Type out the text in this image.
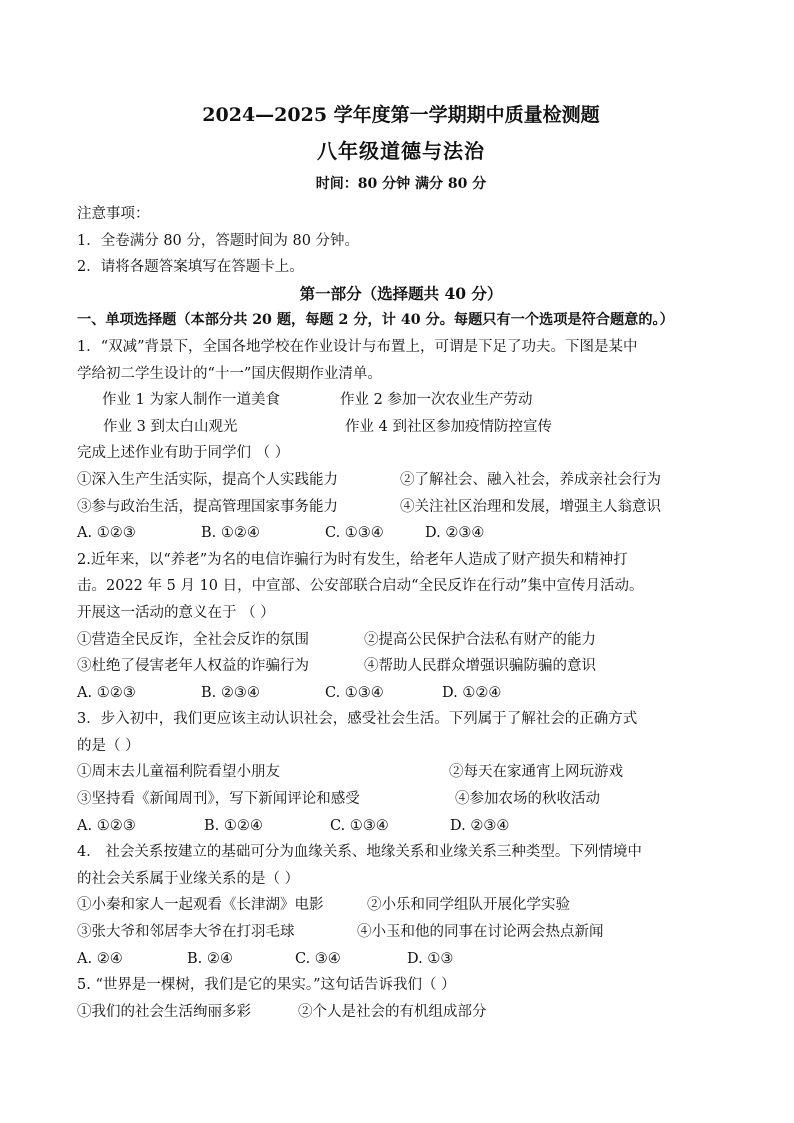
2024—2025 学年度第一学期期中质量检测题
八年级道德与法治
时间：80 分钟 满分 80 分
注意事项：
1．全卷满分 80 分，答题时间为 80 分钟。
2．请将各题答案填写在答题卡上。
第一部分（选择题共 40 分）
一、单项选择题（本部分共 20 题，每题 2 分，计 40 分。每题只有一个选项是符合题意的。）
1．“双减”背景下，全国各地学校在作业设计与布置上，可谓是下足了功夫。下图是某中
学给初二学生设计的“十一”国庆假期作业清单。
作业 1 为家人制作一道美食	作业 2 参加一次农业生产劳动
作业 3 到太白山观光	作业 4 到社区参加疫情防控宣传
完成上述作业有助于同学们 （ ）
①深入生产生活实际，提高个人实践能力	②了解社会、融入社会，养成亲社会行为
③参与政治生活，提高管理国家事务能力	④关注社区治理和发展，增强主人翁意识
A. ①②③	B. ①②④	C. ①③④	D. ②③④
2.近年来，以“养老”为名的电信诈骗行为时有发生，给老年人造成了财产损失和精神打
击。2022 年 5 月 10 日，中宣部、公安部联合启动“全民反诈在行动”集中宣传月活动。
开展这一活动的意义在于 （ ）
①营造全民反诈，全社会反诈的氛围	②提高公民保护合法私有财产的能力
③杜绝了侵害老年人权益的诈骗行为	④帮助人民群众增强识骗防骗的意识
A. ①②③	B. ②③④	C. ①③④	D. ①②④
3．步入初中，我们更应该主动认识社会，感受社会生活。下列属于了解社会的正确方式
的是（ ）
①周末去儿童福利院看望小朋友	②每天在家通宵上网玩游戏
③坚持看《新闻周刊》，写下新闻评论和感受	④参加农场的秋收活动
A. ①②③	B. ①②④	C. ①③④	D. ②③④
4． 社会关系按建立的基础可分为血缘关系、地缘关系和业缘关系三种类型。下列情境中
的社会关系属于业缘关系的是（ ）
①小秦和家人一起观看《长津湖》电影	②小乐和同学组队开展化学实验
③张大爷和邻居李大爷在打羽毛球	④小玉和他的同事在讨论两会热点新闻
A. ②④	B. ②④	C. ③④	D. ①③
5. “世界是一棵树，我们是它的果实。”这句话告诉我们（ ）
①我们的社会生活绚丽多彩	②个人是社会的有机组成部分
